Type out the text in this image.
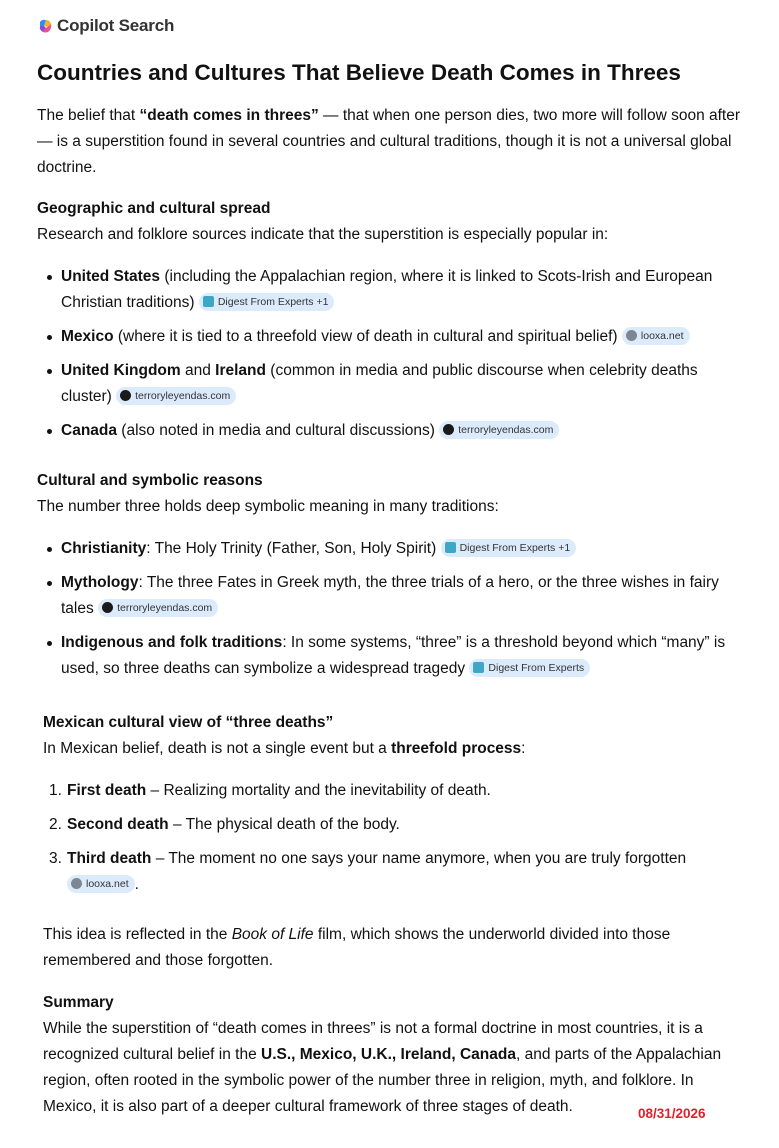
Copilot Search
Countries and Cultures That Believe Death Comes in Threes

The belief that “death comes in threes” — that when one person dies, two more will follow soon after — is a superstition found in several countries and cultural traditions, though it is not a universal global doctrine.

Geographic and cultural spread

Research and folklore sources indicate that the superstition is especially popular in:

United States (including the Appalachian region, where it is linked to Scots-Irish and European Christian traditions) Digest From Experts +1
Mexico (where it is tied to a threefold view of death in cultural and spiritual belief) looxa.net
United Kingdom and Ireland (common in media and public discourse when celebrity deaths cluster) terroryleyendas.com
Canada (also noted in media and cultural discussions) terroryleyendas.com
Cultural and symbolic reasons

The number three holds deep symbolic meaning in many traditions:

Christianity: The Holy Trinity (Father, Son, Holy Spirit) Digest From Experts +1
Mythology: The three Fates in Greek myth, the three trials of a hero, or the three wishes in fairy tales terroryleyendas.com
Indigenous and folk traditions: In some systems, “three” is a threshold beyond which “many” is used, so three deaths can symbolize a widespread tragedy Digest From Experts
Mexican cultural view of “three deaths”

In Mexican belief, death is not a single event but a threefold process:

1. First death – Realizing mortality and the inevitability of death.
2. Second death – The physical death of the body.
3. Third death – The moment no one says your name anymore, when you are truly forgotten
looxa.net .

This idea is reflected in the Book of Life film, which shows the underworld divided into those remembered and those forgotten.

Summary

While the superstition of “death comes in threes” is not a formal doctrine in most countries, it is a recognized cultural belief in the U.S., Mexico, U.K., Ireland, Canada, and parts of the Appalachian region, often rooted in the symbolic power of the number three in religion, myth, and folklore. In Mexico, it is also part of a deeper cultural framework of three stages of death.	08/31/2026
